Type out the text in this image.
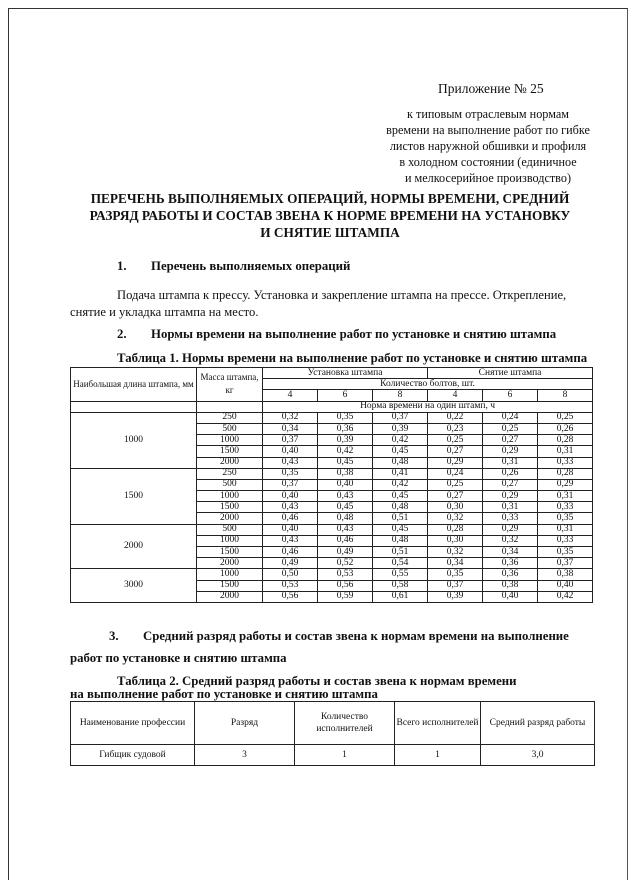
Приложение № 25
к типовым отраслевым нормам
времени на выполнение работ по гибке
листов наружной обшивки и профиля
в холодном состоянии (единичное
и мелкосерийное производство)
ПЕРЕЧЕНЬ ВЫПОЛНЯЕМЫХ ОПЕРАЦИЙ, НОРМЫ ВРЕМЕНИ, СРЕДНИЙ
РАЗРЯД РАБОТЫ И СОСТАВ ЗВЕНА К НОРМЕ ВРЕМЕНИ НА УСТАНОВКУ
И СНЯТИЕ ШТАМПА
1. Перечень выполняемых операций
Подача штампа к прессу. Установка и закрепление штампа на прессе. Открепление,
снятие и укладка штампа на место.
2. Нормы времени на выполнение работ по установке и снятию штампа
Таблица 1. Нормы времени на выполнение работ по установке и снятию штампа
Наибольшая длина штампа, мм	Масса штампа, кг	Установка штампа			Снятие штампа		
		Количество болтов, шт.					
		4	6	8	4	6	8
		Норма времени на один штамп, ч					
1000	250	0,32	0,35	0,37	0,22	0,24	0,25
	500	0,34	0,36	0,39	0,23	0,25	0,26
	1000	0,37	0,39	0,42	0,25	0,27	0,28
	1500	0,40	0,42	0,45	0,27	0,29	0,31
	2000	0,43	0,45	0,48	0,29	0,31	0,33
1500	250	0,35	0,38	0,41	0,24	0,26	0,28
	500	0,37	0,40	0,42	0,25	0,27	0,29
	1000	0,40	0,43	0,45	0,27	0,29	0,31
	1500	0,43	0,45	0,48	0,30	0,31	0,33
	2000	0,46	0,48	0,51	0,32	0,33	0,35
2000	500	0,40	0,43	0,45	0,28	0,29	0,31
	1000	0,43	0,46	0,48	0,30	0,32	0,33
	1500	0,46	0,49	0,51	0,32	0,34	0,35
	2000	0,49	0,52	0,54	0,34	0,36	0,37
3000	1000	0,50	0,53	0,55	0,35	0,36	0,38
	1500	0,53	0,56	0,58	0,37	0,38	0,40
	2000	0,56	0,59	0,61	0,39	0,40	0,42
3. Средний разряд работы и состав звена к нормам времени на выполнение
работ по установке и снятию штампа
Таблица 2. Средний разряд работы и состав звена к нормам времени
на выполнение работ по установке и снятию штампа
Наименование профессии	Разряд	Количество исполнителей	Всего исполнителей	Средний разряд работы
Гибщик судовой	3	1	1	3,0
